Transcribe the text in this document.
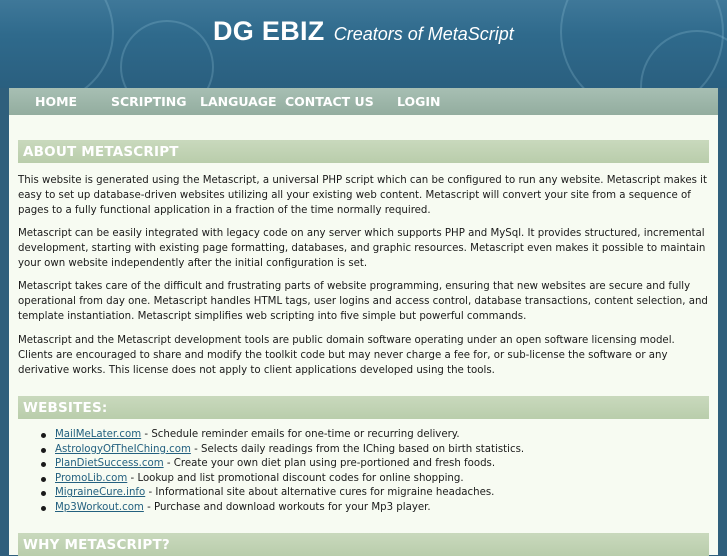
DG EBIZ Creators of MetaScript
HOME	SCRIPTING LANGUAGE CONTACT US LOGIN
ABOUT METASCRIPT

This website is generated using the Metascript, a universal PHP script which can be configured to run any website. Metascript makes it easy to set up database-driven websites utilizing all your existing web content. Metascript will convert your site from a sequence of pages to a fully functional application in a fraction of the time normally required.

Metascript can be easily integrated with legacy code on any server which supports PHP and MySql. It provides structured, incremental development, starting with existing page formatting, databases, and graphic resources. Metascript even makes it possible to maintain your own website independently after the initial configuration is set.

Metascript takes care of the difficult and frustrating parts of website programming, ensuring that new websites are secure and fully operational from day one. Metascript handles HTML tags, user logins and access control, database transactions, content selection, and template instantiation. Metascript simplifies web scripting into five simple but powerful commands.

Metascript and the Metascript development tools are public domain software operating under an open software licensing model. Clients are encouraged to share and modify the toolkit code but may never charge a fee for, or sub-license the software or any derivative works. This license does not apply to client applications developed using the tools.

WEBSITES:
MailMeLater.com - Schedule reminder emails for one-time or recurring delivery.
AstrologyOfTheIChing.com - Selects daily readings from the IChing based on birth statistics.
PlanDietSuccess.com - Create your own diet plan using pre-portioned and fresh foods.
PromoLib.com - Lookup and list promotional discount codes for online shopping.
MigraineCure.info - Informational site about alternative cures for migraine headaches.
Mp3Workout.com - Purchase and download workouts for your Mp3 player.
WHY METASCRIPT?
